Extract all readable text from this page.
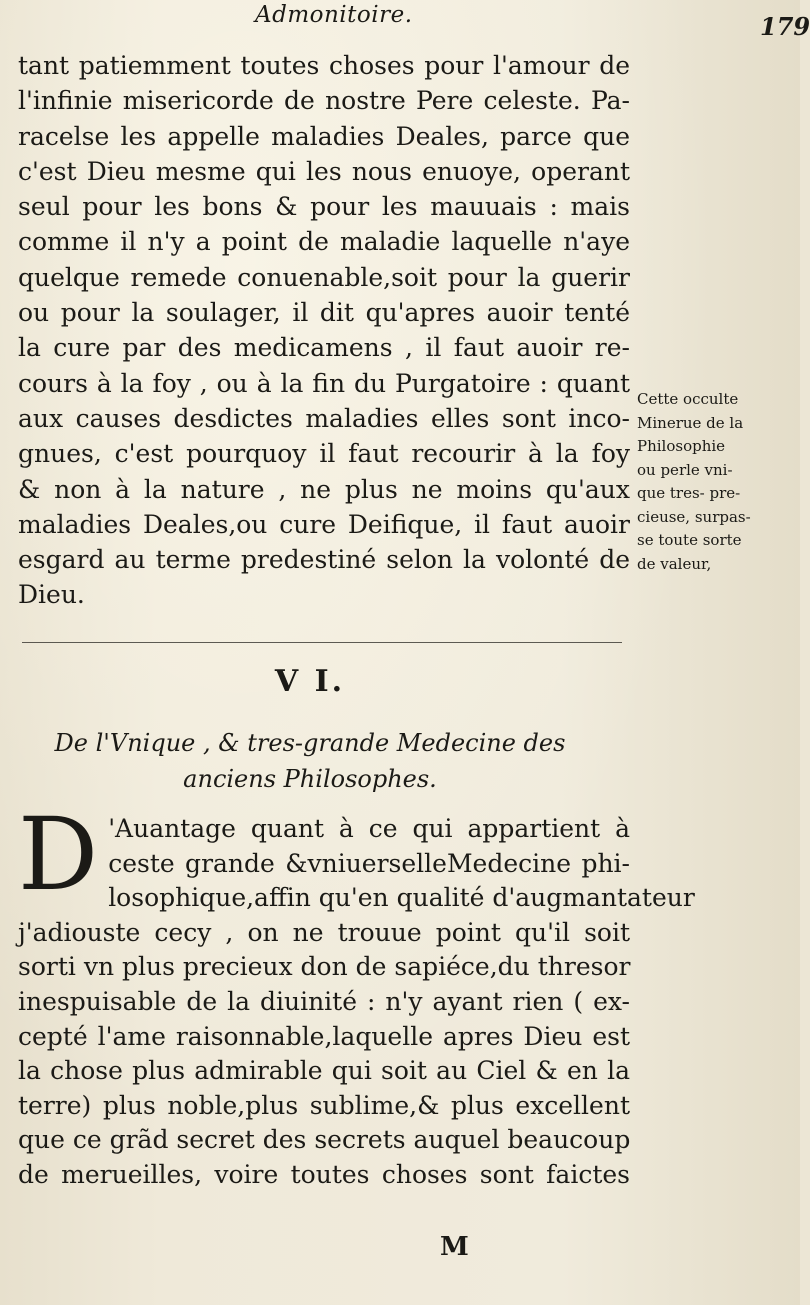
Admonitoire.	179
tant patiemment toutes choses pour l'amour de
l'infinie misericorde de nostre Pere celeste. Pa-
racelse les appelle maladies Deales, parce que
c'est Dieu mesme qui les nous enuoye, operant
seul pour les bons & pour les mauuais : mais
comme il n'y a point de maladie laquelle n'aye
quelque remede conuenable,soit pour la guerir
ou pour la soulager, il dit qu'apres auoir tenté
la cure par des medicamens , il faut auoir re-
cours à la foy , ou à la fin du Purgatoire : quant
aux causes desdictes maladies elles sont inco-
gnues, c'est pourquoy il faut recourir à la foy
& non à la nature , ne plus ne moins qu'aux
maladies Deales,ou cure Deifique, il faut auoir
esgard au terme predestiné selon la volonté de
Dieu.
Cette occulte
Minerue de la
Philosophie
ou perle vni-
que tres- pre-
cieuse, surpas-
se toute sorte
de valeur,
V I.
De l'Vnique , & tres-grande Medecine des
anciens Philosophes.
D 'Auantage quant à ce qui appartient à
ceste grande &vniuerselleMedecine phi-
losophique,affin qu'en qualité d'augmantateur
j'adiouste cecy , on ne trouue point qu'il soit
sorti vn plus precieux don de sapiéce,du thresor
inespuisable de la diuinité : n'y ayant rien ( ex-
cepté l'ame raisonnable,laquelle apres Dieu est
la chose plus admirable qui soit au Ciel & en la
terre) plus noble,plus sublime,& plus excellent
que ce grãd secret des secrets auquel beaucoup
de merueilles, voire toutes choses sont faictes
M
